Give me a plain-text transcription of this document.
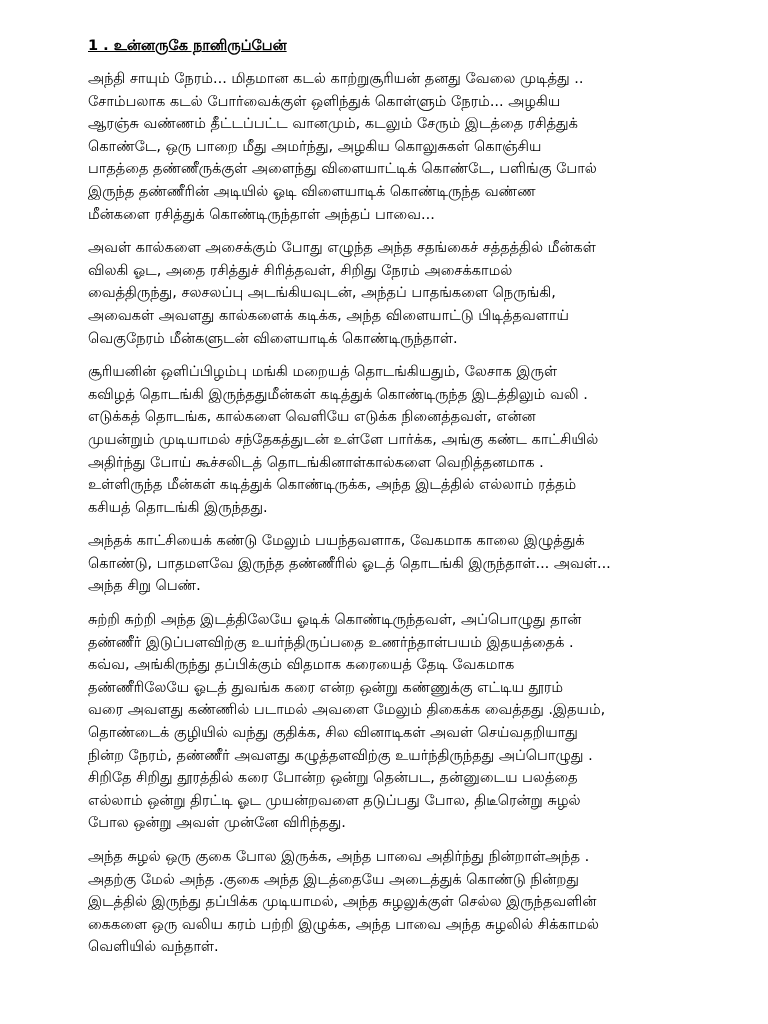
1 . உன்னருகே நானிருப்பேன்
அந்தி சாயும் நேரம்... மிதமான கடல் காற்றுசூரியன் தனது வேலை முடித்து ..
சோம்பலாக கடல் போர்வைக்குள் ஒளிந்துக் கொள்ளும் நேரம்... அழகிய
ஆரஞ்சு வண்ணம் தீட்டப்பட்ட வானமும், கடலும் சேரும் இடத்தை ரசித்துக்
கொண்டே, ஒரு பாறை மீது அமர்ந்து, அழகிய கொலுசுகள் கொஞ்சிய
பாதத்தை தண்ணீருக்குள் அளைந்து விளையாட்டிக் கொண்டே, பளிங்கு போல்
இருந்த தண்ணீரின் அடியில் ஓடி விளையாடிக் கொண்டிருந்த வண்ண
மீன்களை ரசித்துக் கொண்டிருந்தாள் அந்தப் பாவை...
அவள் கால்களை அசைக்கும் போது எழுந்த அந்த சதங்கைச் சத்தத்தில் மீன்கள்
விலகி ஓட, அதை ரசித்துச் சிரித்தவள், சிறிது நேரம் அசைக்காமல்
வைத்திருந்து, சலசலப்பு அடங்கியவுடன், அந்தப் பாதங்களை நெருங்கி,
அவைகள் அவளது கால்களைக் கடிக்க, அந்த விளையாட்டு பிடித்தவளாய்
வெகுநேரம் மீன்களுடன் விளையாடிக் கொண்டிருந்தாள்.
சூரியனின் ஒளிப்பிழம்பு மங்கி மறையத் தொடங்கியதும், லேசாக இருள்
கவிழத் தொடங்கி இருந்ததுமீன்கள் கடித்துக் கொண்டிருந்த இடத்திலும் வலி .
எடுக்கத் தொடங்க, கால்களை வெளியே எடுக்க நினைத்தவள், என்ன
முயன்றும் முடியாமல் சந்தேகத்துடன் உள்ளே பார்க்க, அங்கு கண்ட காட்சியில்
அதிர்ந்து போய் கூச்சலிடத் தொடங்கினாள்கால்களை வெறித்தனமாக .
உள்ளிருந்த மீன்கள் கடித்துக் கொண்டிருக்க, அந்த இடத்தில் எல்லாம் ரத்தம்
கசியத் தொடங்கி இருந்தது.
அந்தக் காட்சியைக் கண்டு மேலும் பயந்தவளாக, வேகமாக காலை இழுத்துக்
கொண்டு, பாதமளவே இருந்த தண்ணீரில் ஓடத் தொடங்கி இருந்தாள்... அவள்...
அந்த சிறு பெண்.
சுற்றி சுற்றி அந்த இடத்திலேயே ஓடிக் கொண்டிருந்தவள், அப்பொழுது தான்
தண்ணீர் இடுப்பளவிற்கு உயர்ந்திருப்பதை உணர்ந்தாள்பயம் இதயத்தைக் .
கவ்வ, அங்கிருந்து தப்பிக்கும் விதமாக கரையைத் தேடி வேகமாக
தண்ணீரிலேயே ஓடத் துவங்க கரை என்ற ஒன்று கண்ணுக்கு எட்டிய தூரம்
வரை அவளது கண்ணில் படாமல் அவளை மேலும் திகைக்க வைத்தது .இதயம்,
தொண்டைக் குழியில் வந்து குதிக்க, சில வினாடிகள் அவள் செய்வதறியாது
நின்ற நேரம், தண்ணீர் அவளது கழுத்தளவிற்கு உயர்ந்திருந்தது அப்பொழுது .
சிறிதே சிறிது தூரத்தில் கரை போன்ற ஒன்று தென்பட, தன்னுடைய பலத்தை
எல்லாம் ஒன்று திரட்டி ஓட முயன்றவளை தடுப்பது போல, திடீரென்று சுழல்
போல ஒன்று அவள் முன்னே விரிந்தது.
அந்த சுழல் ஒரு குகை போல இருக்க, அந்த பாவை அதிர்ந்து நின்றாள்அந்த .
அதற்கு மேல் அந்த .குகை அந்த இடத்தையே அடைத்துக் கொண்டு நின்றது
இடத்தில் இருந்து தப்பிக்க முடியாமல், அந்த சுழலுக்குள் செல்ல இருந்தவளின்
கைகளை ஒரு வலிய கரம் பற்றி இழுக்க, அந்த பாவை அந்த சுழலில் சிக்காமல்
வெளியில் வந்தாள்.
